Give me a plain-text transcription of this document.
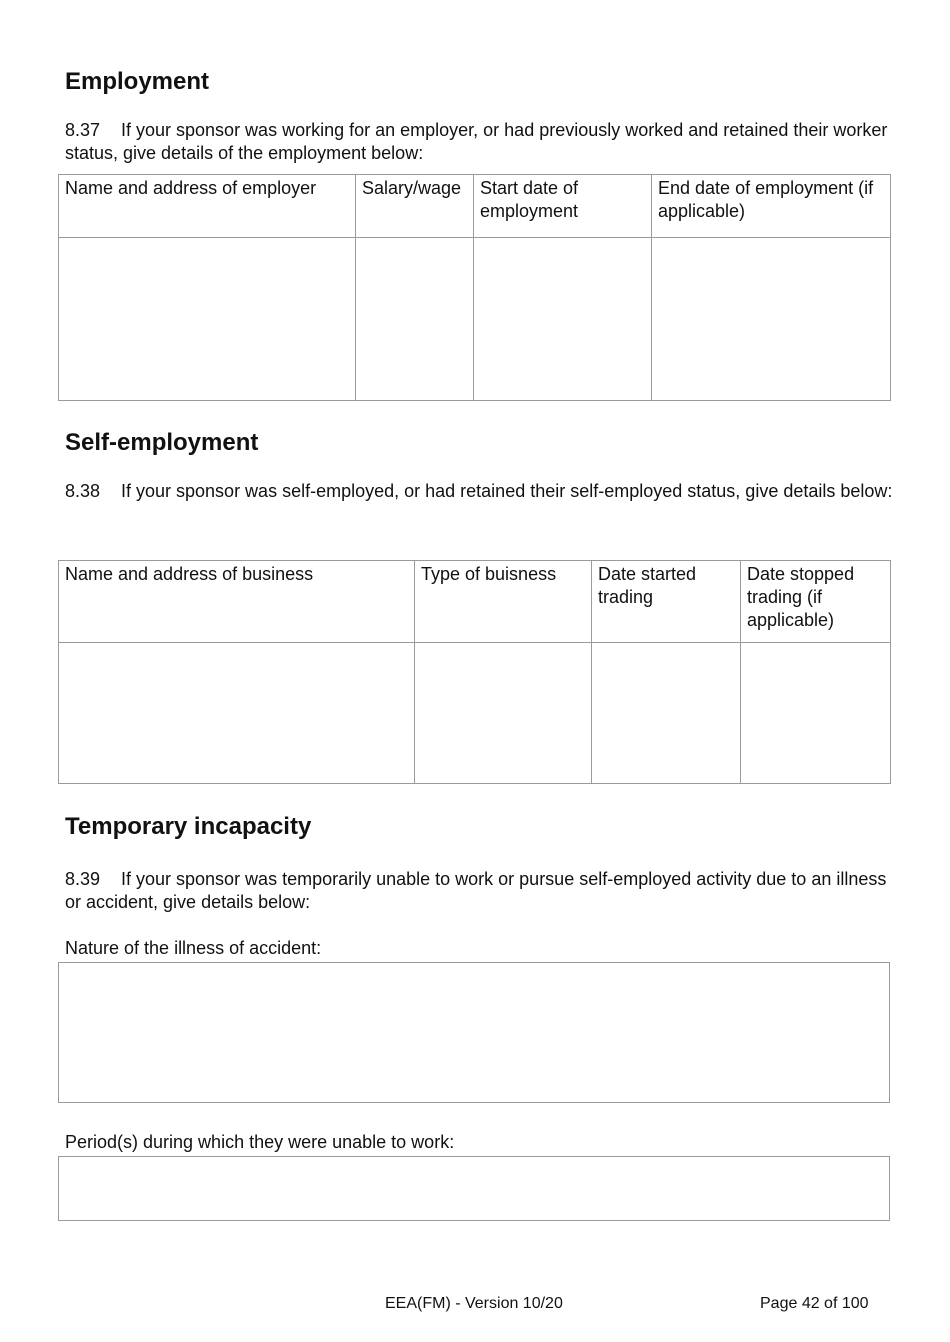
Employment

8.37 If your sponsor was working for an employer, or had previously worked and retained their worker status, give details of the employment below:

Name and address of employer	Salary/wage	Start date of employment	End date of employment (if applicable)

Self-employment

8.38 If your sponsor was self-employed, or had retained their self-employed status, give details below:

Name and address of business	Type of buisness	Date started trading	Date stopped trading (if applicable)

Temporary incapacity

8.39 If your sponsor was temporarily unable to work or pursue self-employed activity due to an illness or accident, give details below:

Nature of the illness of accident:

Period(s) during which they were unable to work:

EEA(FM) - Version 10/20	Page 42 of 100
